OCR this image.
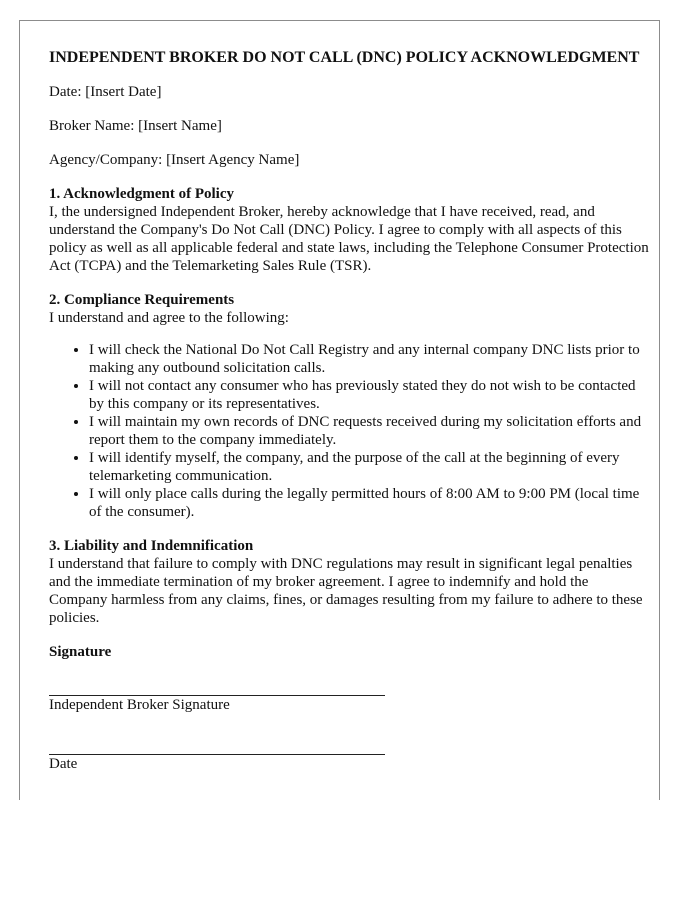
INDEPENDENT BROKER DO NOT CALL (DNC) POLICY ACKNOWLEDGMENT
Date: [Insert Date]
Broker Name: [Insert Name]
Agency/Company: [Insert Agency Name]
1. Acknowledgment of Policy
I, the undersigned Independent Broker, hereby acknowledge that I have received, read, and understand the Company's Do Not Call (DNC) Policy. I agree to comply with all aspects of this policy as well as all applicable federal and state laws, including the Telephone Consumer Protection Act (TCPA) and the Telemarketing Sales Rule (TSR).
2. Compliance Requirements
I understand and agree to the following:
• I will check the National Do Not Call Registry and any internal company DNC lists prior to making any outbound solicitation calls.
• I will not contact any consumer who has previously stated they do not wish to be contacted by this company or its representatives.
• I will maintain my own records of DNC requests received during my solicitation efforts and report them to the company immediately.
• I will identify myself, the company, and the purpose of the call at the beginning of every telemarketing communication.
• I will only place calls during the legally permitted hours of 8:00 AM to 9:00 PM (local time of the consumer).
3. Liability and Indemnification
I understand that failure to comply with DNC regulations may result in significant legal penalties and the immediate termination of my broker agreement. I agree to indemnify and hold the Company harmless from any claims, fines, or damages resulting from my failure to adhere to these policies.
Signature
Independent Broker Signature
Date
